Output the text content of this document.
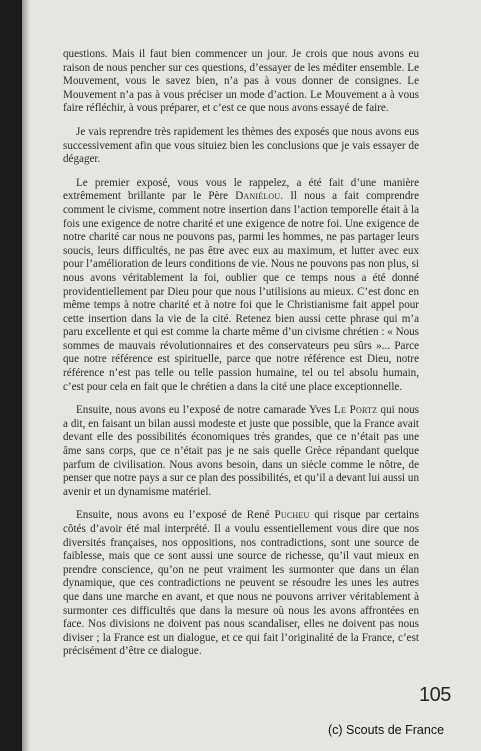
questions. Mais il faut bien commencer un jour. Je crois que nous avons eu raison de nous pencher sur ces questions, d’essayer de les méditer ensemble. Le Mouvement, vous le savez bien, n’a pas à vous donner de consignes. Le Mouvement n’a pas à vous préciser un mode d’action. Le Mouvement a à vous faire réfléchir, à vous préparer, et c’est ce que nous avons essayé de faire.

Je vais reprendre très rapidement les thèmes des exposés que nous avons eus successivement afin que vous situiez bien les conclusions que je vais essayer de dégager.

Le premier exposé, vous vous le rappelez, a été fait d’une manière extrêmement brillante par le Père Daniélou. Il nous a fait comprendre comment le civisme, comment notre insertion dans l’action temporelle était à la fois une exigence de notre charité et une exigence de notre foi. Une exigence de notre charité car nous ne pouvons pas, parmi les hommes, ne pas partager leurs soucis, leurs difficultés, ne pas être avec eux au maximum, et lutter avec eux pour l’amélioration de leurs conditions de vie. Nous ne pouvons pas non plus, si nous avons véritablement la foi, oublier que ce temps nous a été donné providentiellement par Dieu pour que nous l’utilisions au mieux. C’est donc en même temps à notre charité et à notre foi que le Christianisme fait appel pour cette insertion dans la vie de la cité. Retenez bien aussi cette phrase qui m’a paru excellente et qui est comme la charte même d’un civisme chrétien : « Nous sommes de mauvais révolutionnaires et des conservateurs peu sûrs »... Parce que notre référence est spirituelle, parce que notre référence est Dieu, notre référence n’est pas telle ou telle passion humaine, tel ou tel absolu humain, c’est pour cela en fait que le chrétien a dans la cité une place exceptionnelle.

Ensuite, nous avons eu l’exposé de notre camarade Yves Le Portz qui nous a dit, en faisant un bilan aussi modeste et juste que possible, que la France avait devant elle des possibilités économiques très grandes, que ce n’était pas une âme sans corps, que ce n’était pas je ne sais quelle Grèce répandant quelque parfum de civilisation. Nous avons besoin, dans un siècle comme le nôtre, de penser que notre pays a sur ce plan des possibilités, et qu’il a devant lui aussi un avenir et un dynamisme matériel.

Ensuite, nous avons eu l’exposé de René Pucheu qui risque par certains côtés d’avoir été mal interprété. Il a voulu essentiellement vous dire que nos diversités françaises, nos oppositions, nos contradictions, sont une source de faiblesse, mais que ce sont aussi une source de richesse, qu’il vaut mieux en prendre conscience, qu’on ne peut vraiment les surmonter que dans un élan dynamique, que ces contradictions ne peuvent se résoudre les unes les autres que dans une marche en avant, et que nous ne pouvons arriver véritablement à surmonter ces difficultés que dans la mesure où nous les avons affrontées en face. Nos divisions ne doivent pas nous scandaliser, elles ne doivent pas nous diviser ; la France est un dialogue, et ce qui fait l’originalité de la France, c’est précisément d’être ce dialogue.

105
(c) Scouts de France
